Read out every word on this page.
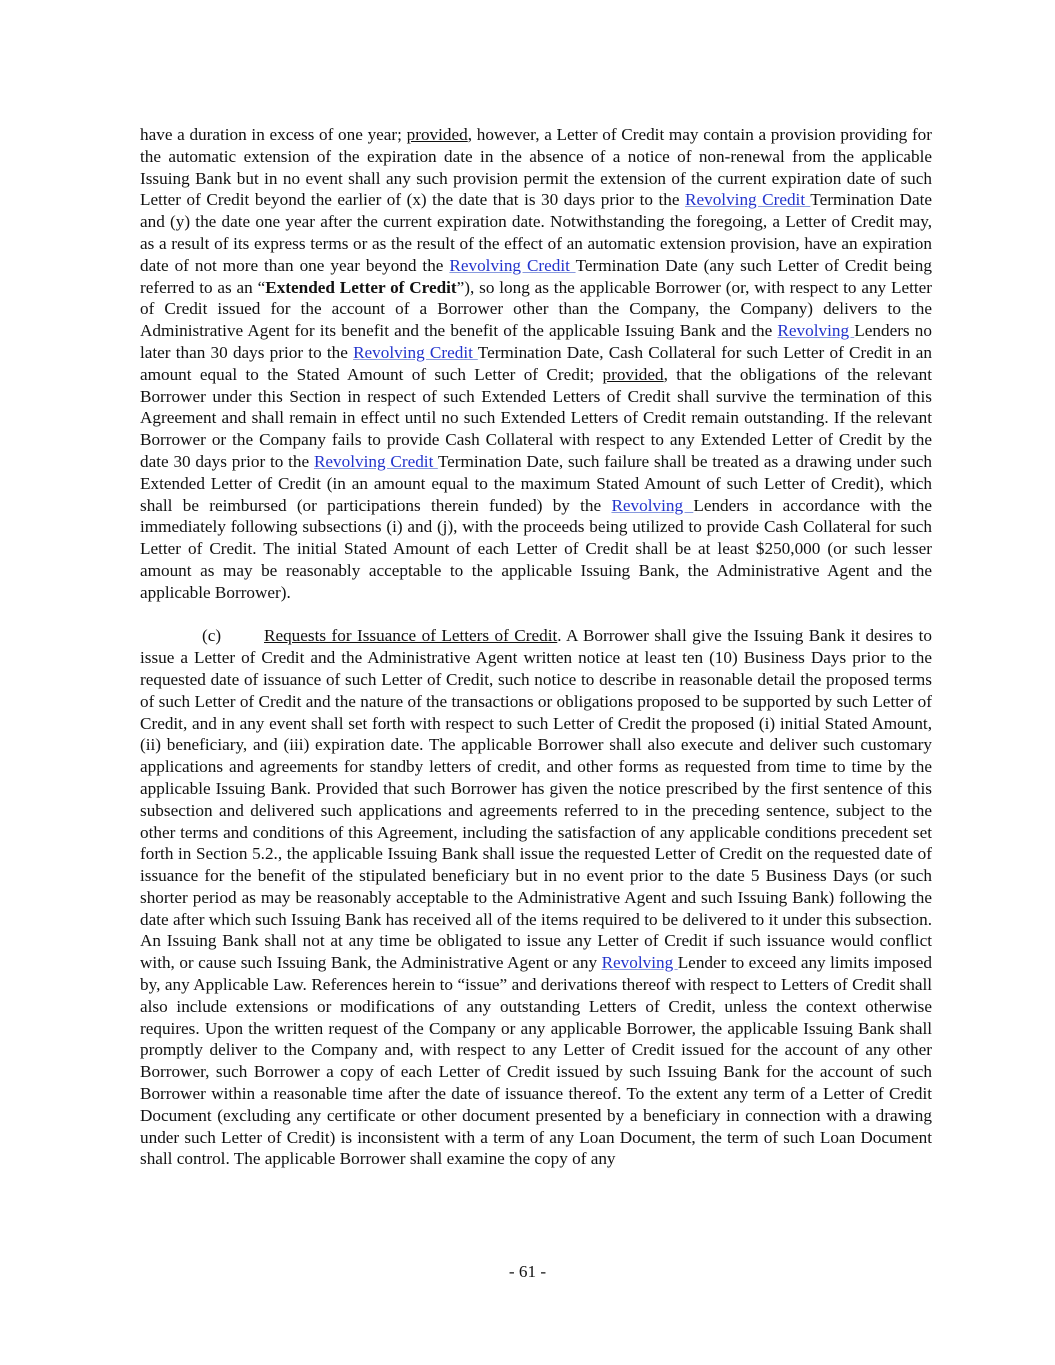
have a duration in excess of one year; provided, however, a Letter of Credit may contain a provision providing for the automatic extension of the expiration date in the absence of a notice of non-renewal from the applicable Issuing Bank but in no event shall any such provision permit the extension of the current expiration date of such Letter of Credit beyond the earlier of (x) the date that is 30 days prior to the Revolving Credit Termination Date and (y) the date one year after the current expiration date. Notwithstanding the foregoing, a Letter of Credit may, as a result of its express terms or as the result of the effect of an automatic extension provision, have an expiration date of not more than one year beyond the Revolving Credit Termination Date (any such Letter of Credit being referred to as an “Extended Letter of Credit”), so long as the applicable Borrower (or, with respect to any Letter of Credit issued for the account of a Borrower other than the Company, the Company) delivers to the Administrative Agent for its benefit and the benefit of the applicable Issuing Bank and the Revolving Lenders no later than 30 days prior to the Revolving Credit Termination Date, Cash Collateral for such Letter of Credit in an amount equal to the Stated Amount of such Letter of Credit; provided, that the obligations of the relevant Borrower under this Section in respect of such Extended Letters of Credit shall survive the termination of this Agreement and shall remain in effect until no such Extended Letters of Credit remain outstanding. If the relevant Borrower or the Company fails to provide Cash Collateral with respect to any Extended Letter of Credit by the date 30 days prior to the Revolving Credit Termination Date, such failure shall be treated as a drawing under such Extended Letter of Credit (in an amount equal to the maximum Stated Amount of such Letter of Credit), which shall be reimbursed (or participations therein funded) by the Revolving Lenders in accordance with the immediately following subsections (i) and (j), with the proceeds being utilized to provide Cash Collateral for such Letter of Credit. The initial Stated Amount of each Letter of Credit shall be at least $250,000 (or such lesser amount as may be reasonably acceptable to the applicable Issuing Bank, the Administrative Agent and the applicable Borrower).

(c) Requests for Issuance of Letters of Credit. A Borrower shall give the Issuing Bank it desires to issue a Letter of Credit and the Administrative Agent written notice at least ten (10) Business Days prior to the requested date of issuance of such Letter of Credit, such notice to describe in reasonable detail the proposed terms of such Letter of Credit and the nature of the transactions or obligations proposed to be supported by such Letter of Credit, and in any event shall set forth with respect to such Letter of Credit the proposed (i) initial Stated Amount, (ii) beneficiary, and (iii) expiration date. The applicable Borrower shall also execute and deliver such customary applications and agreements for standby letters of credit, and other forms as requested from time to time by the applicable Issuing Bank. Provided that such Borrower has given the notice prescribed by the first sentence of this subsection and delivered such applications and agreements referred to in the preceding sentence, subject to the other terms and conditions of this Agreement, including the satisfaction of any applicable conditions precedent set forth in Section 5.2., the applicable Issuing Bank shall issue the requested Letter of Credit on the requested date of issuance for the benefit of the stipulated beneficiary but in no event prior to the date 5 Business Days (or such shorter period as may be reasonably acceptable to the Administrative Agent and such Issuing Bank) following the date after which such Issuing Bank has received all of the items required to be delivered to it under this subsection. An Issuing Bank shall not at any time be obligated to issue any Letter of Credit if such issuance would conflict with, or cause such Issuing Bank, the Administrative Agent or any Revolving Lender to exceed any limits imposed by, any Applicable Law. References herein to “issue” and derivations thereof with respect to Letters of Credit shall also include extensions or modifications of any outstanding Letters of Credit, unless the context otherwise requires. Upon the written request of the Company or any applicable Borrower, the applicable Issuing Bank shall promptly deliver to the Company and, with respect to any Letter of Credit issued for the account of any other Borrower, such Borrower a copy of each Letter of Credit issued by such Issuing Bank for the account of such Borrower within a reasonable time after the date of issuance thereof. To the extent any term of a Letter of Credit Document (excluding any certificate or other document presented by a beneficiary in connection with a drawing under such Letter of Credit) is inconsistent with a term of any Loan Document, the term of such Loan Document shall control. The applicable Borrower shall examine the copy of any

- 61 -
